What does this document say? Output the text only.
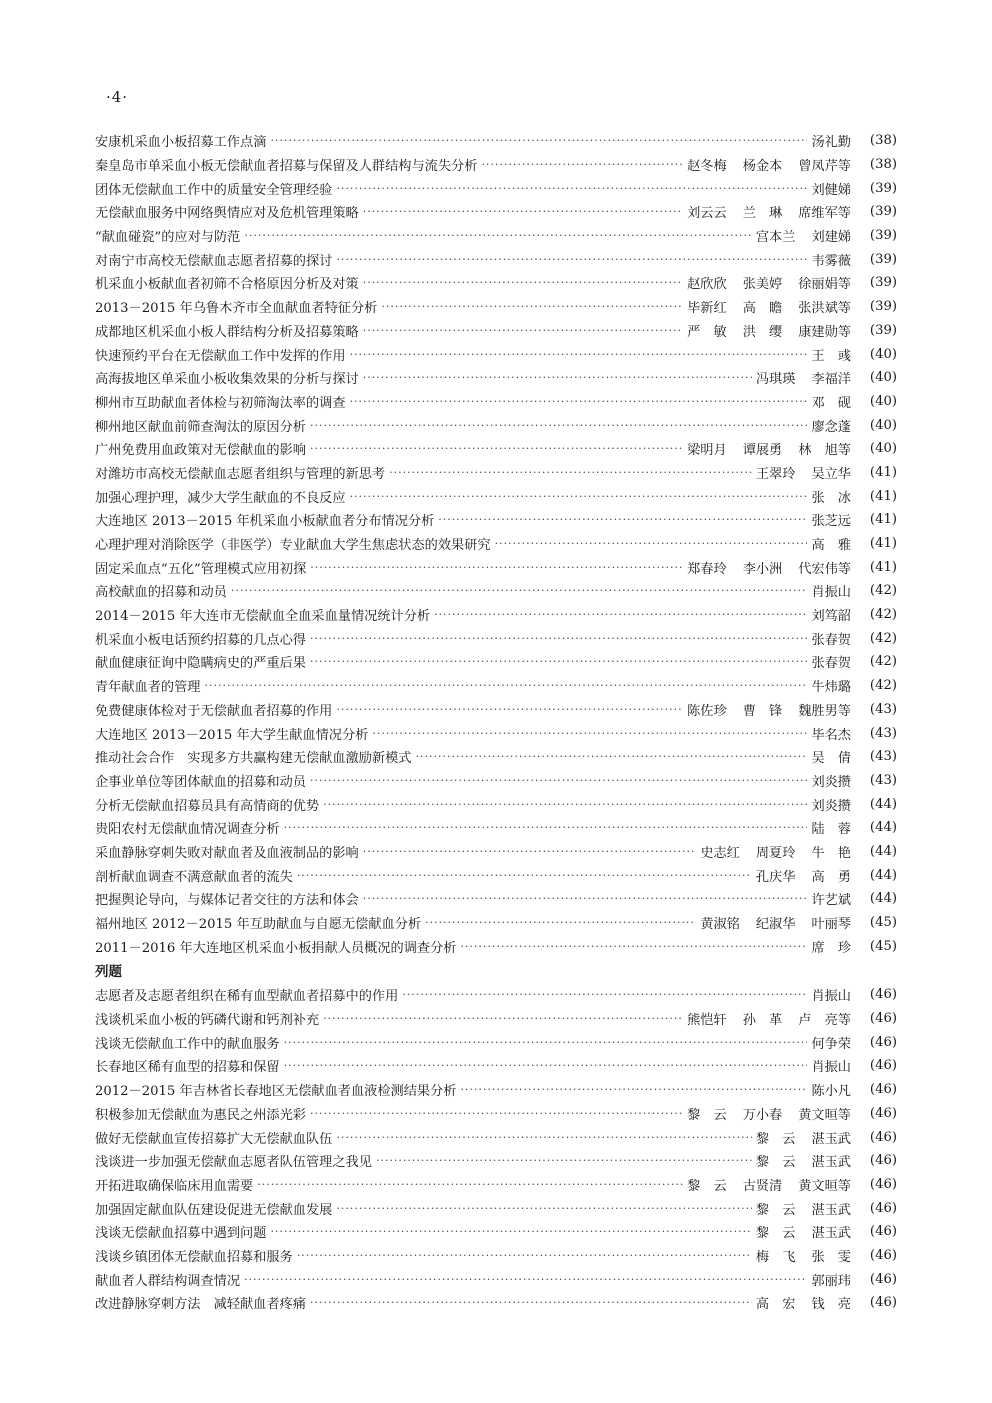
·4·
安康机采血小板招募工作点滴 ·····	汤礼勤	(38)
秦皇岛市单采血小板无偿献血者招募与保留及人群结构与流失分析 ·····	赵冬梅 杨金本 曾凤芹等	(38)
团体无偿献血工作中的质量安全管理经验 ·····	刘健娣	(39)
无偿献血服务中网络舆情应对及危机管理策略 ·····	刘云云 兰　琳 席维军等	(39)
“献血碰瓷”的应对与防范 ·····	宫本兰 刘建娣	(39)
对南宁市高校无偿献血志愿者招募的探讨 ·····	韦雾薇	(39)
机采血小板献血者初筛不合格原因分析及对策 ·····	赵欣欣 张美婷 徐丽娟等	(39)
2013－2015 年乌鲁木齐市全血献血者特征分析 ·····	毕新红 高　瞻 张洪斌等	(39)
成都地区机采血小板人群结构分析及招募策略 ·····	严　敏 洪　缨 康建勋等	(39)
快速预约平台在无偿献血工作中发挥的作用 ·····	王　彧	(40)
高海拔地区单采血小板收集效果的分析与探讨 ·····	冯琪瑛 李福洋	(40)
柳州市互助献血者体检与初筛淘汰率的调查 ·····	邓　砚	(40)
柳州地区献血前筛查淘汰的原因分析 ·····	廖念蓬	(40)
广州免费用血政策对无偿献血的影响 ·····	梁明月 谭展勇 林　旭等	(40)
对潍坊市高校无偿献血志愿者组织与管理的新思考 ·····	王翠玲 吴立华	(41)
加强心理护理，减少大学生献血的不良反应 ·····	张　冰	(41)
大连地区 2013－2015 年机采血小板献血者分布情况分析 ·····	张芝远	(41)
心理护理对消除医学（非医学）专业献血大学生焦虑状态的效果研究 ·····	高　雅	(41)
固定采血点“五化”管理模式应用初探 ·····	郑春玲 李小洲 代宏伟等	(41)
高校献血的招募和动员 ·····	肖振山	(42)
2014－2015 年大连市无偿献血全血采血量情况统计分析 ·····	刘笃韶	(42)
机采血小板电话预约招募的几点心得 ·····	张春贺	(42)
献血健康征询中隐瞒病史的严重后果 ·····	张春贺	(42)
青年献血者的管理 ·····	牛炜璐	(42)
免费健康体检对于无偿献血者招募的作用 ·····	陈佐珍 曹　锋 魏胜男等	(43)
大连地区 2013－2015 年大学生献血情况分析 ·····	毕名杰	(43)
推动社会合作　实现多方共赢构建无偿献血激励新模式 ·····	吴　倩	(43)
企事业单位等团体献血的招募和动员 ·····	刘炎攒	(43)
分析无偿献血招募员具有高情商的优势 ·····	刘炎攒	(44)
贵阳农村无偿献血情况调查分析 ·····	陆　蓉	(44)
采血静脉穿刺失败对献血者及血液制品的影响 ·····	史志红 周夏玲 牛　艳	(44)
剖析献血调查不满意献血者的流失 ·····	孔庆华 高　勇	(44)
把握舆论导向，与媒体记者交往的方法和体会 ·····	许艺斌	(44)
福州地区 2012－2015 年互助献血与自愿无偿献血分析 ·····	黄淑铭 纪淑华 叶丽琴	(45)
2011－2016 年大连地区机采血小板捐献人员概况的调查分析 ·····	席　珍	(45)
列题
志愿者及志愿者组织在稀有血型献血者招募中的作用 ·····	肖振山	(46)
浅谈机采血小板的钙磷代谢和钙剂补充 ·····	熊恺轩 孙　革 卢　亮等	(46)
浅谈无偿献血工作中的献血服务 ·····	何争荣	(46)
长春地区稀有血型的招募和保留 ·····	肖振山	(46)
2012－2015 年吉林省长春地区无偿献血者血液检测结果分析 ·····	陈小凡	(46)
积极参加无偿献血为惠民之州添光彩 ·····	黎　云 万小春 黄文晅等	(46)
做好无偿献血宣传招募扩大无偿献血队伍 ·····	黎　云 湛玉武	(46)
浅谈进一步加强无偿献血志愿者队伍管理之我见 ·····	黎　云 湛玉武	(46)
开拓进取确保临床用血需要 ·····	黎　云 古贤清 黄文晅等	(46)
加强固定献血队伍建设促进无偿献血发展 ·····	黎　云 湛玉武	(46)
浅谈无偿献血招募中遇到问题 ·····	黎　云 湛玉武	(46)
浅谈乡镇团体无偿献血招募和服务 ·····	梅　飞 张　雯	(46)
献血者人群结构调查情况 ·····	郭丽玮	(46)
改进静脉穿刺方法　减轻献血者疼痛 ·····	高　宏 钱　亮	(46)
